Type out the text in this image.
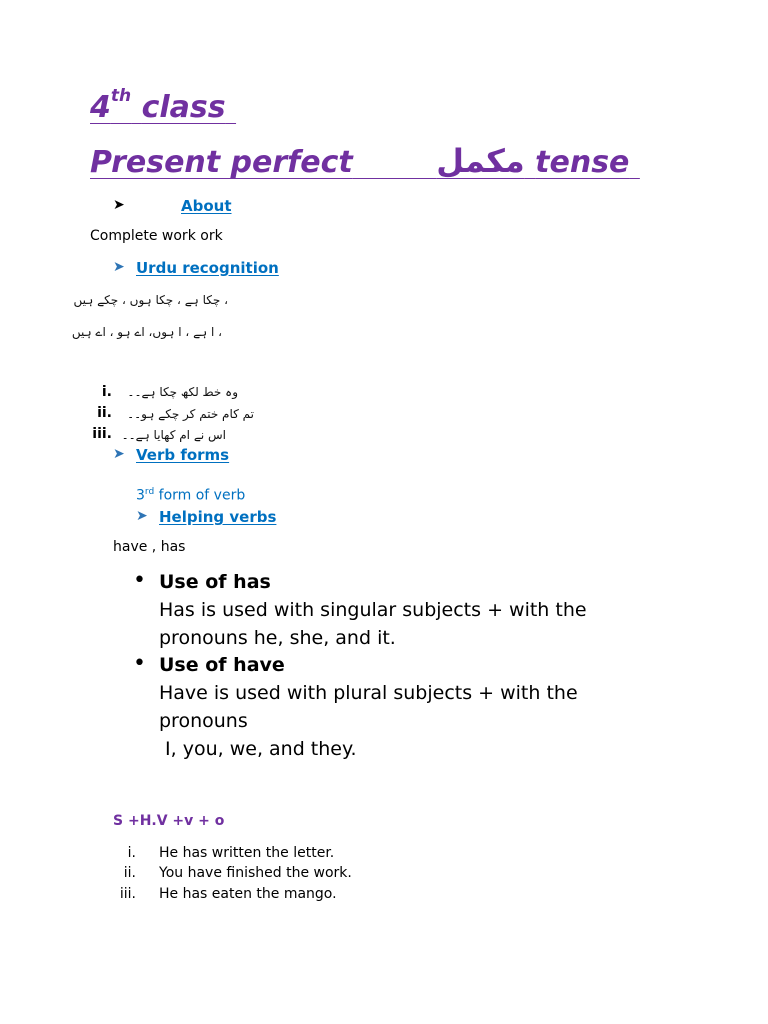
4th class
Present perfect	مکمل tense
➤	About
Complete work ork
➤ Urdu recognition
، چکا ہے ، چکا ہوں ، چکے ہیں
، ا ہے ، ا ہوں، اے ہو ، اے ہیں
i. وہ خط لکھ چکا ہے۔۔
ii. تم کام ختم کر چکے ہو۔۔
iii. اس نے ام کھایا ہے۔۔
➤ Verb forms
3rd form of verb
➤ Helping verbs
have , has
• Use of has
Has is used with singular subjects + with the
pronouns he, she, and it.
• Use of have
Have is used with plural subjects + with the
pronouns
I, you, we, and they.
S +H.V +v + o
i. He has written the letter.
ii. You have finished the work.
iii. He has eaten the mango.
